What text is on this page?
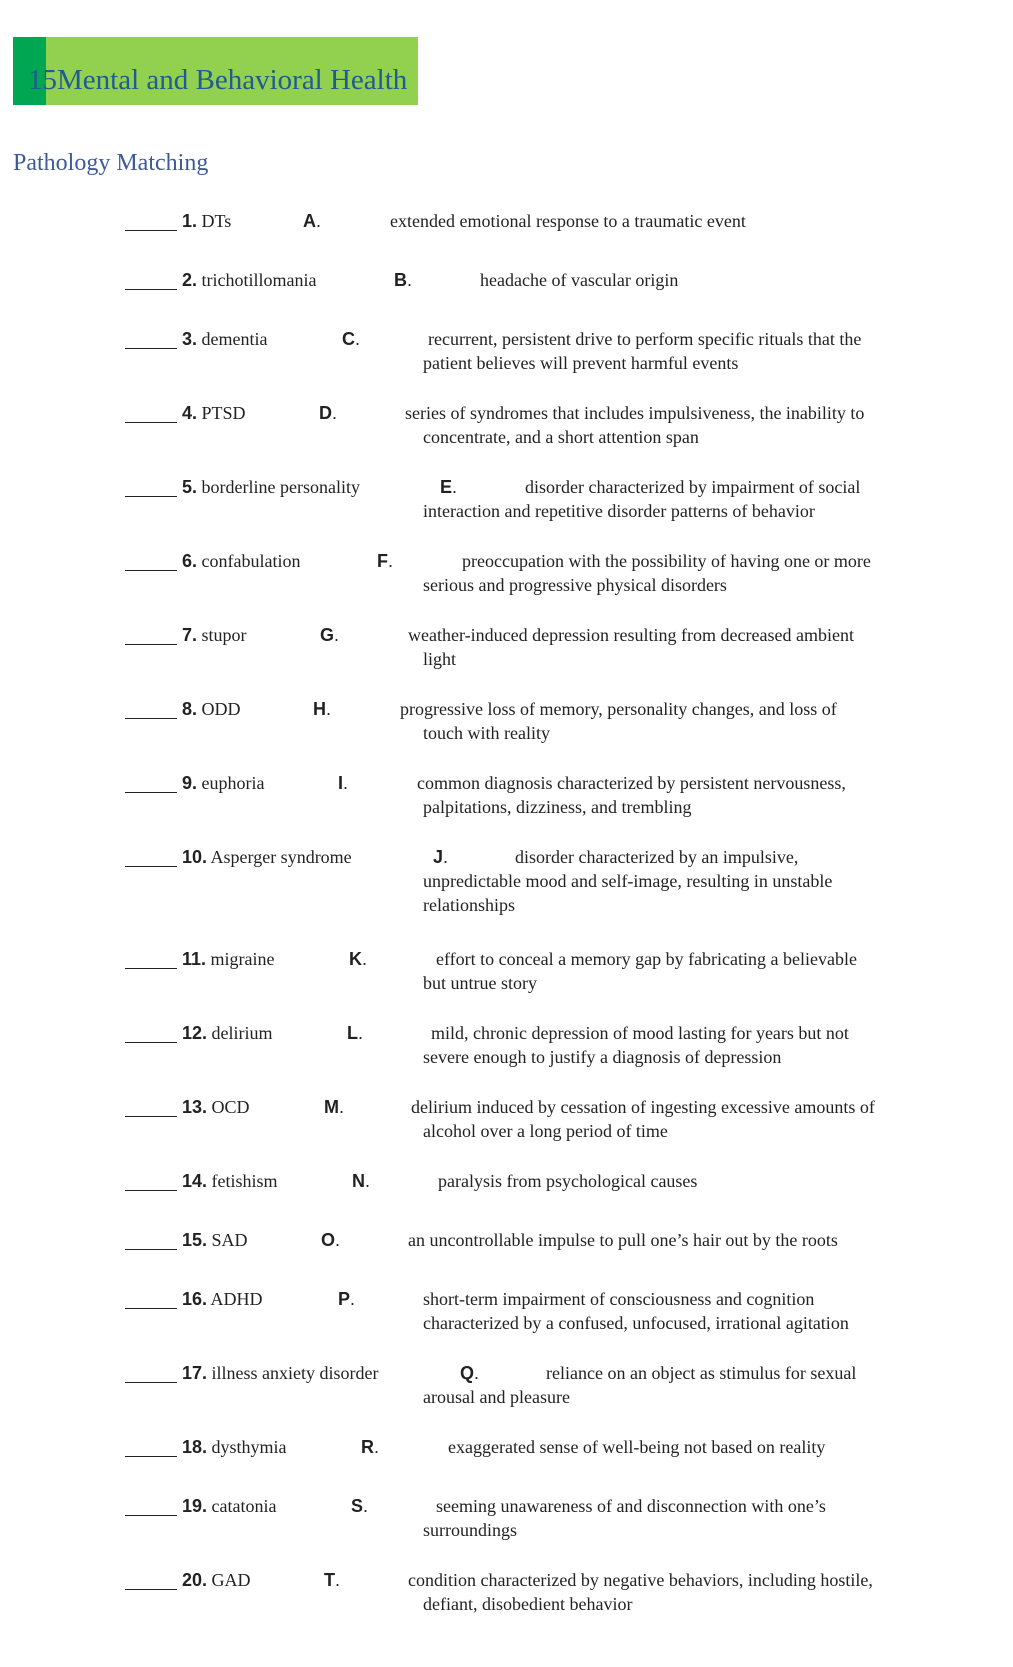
15Mental and Behavioral Health
Pathology Matching
1. DTs	A.	extended emotional response to a traumatic event
2. trichotillomania	B.	headache of vascular origin
3. dementia	C.	recurrent, persistent drive to perform specific rituals that the
patient believes will prevent harmful events
4. PTSD	D.	series of syndromes that includes impulsiveness, the inability to
concentrate, and a short attention span
5. borderline personality	E.	disorder characterized by impairment of social
interaction and repetitive disorder patterns of behavior
6. confabulation	F.	preoccupation with the possibility of having one or more
serious and progressive physical disorders
7. stupor	G.	weather-induced depression resulting from decreased ambient
light
8. ODD	H.	progressive loss of memory, personality changes, and loss of
touch with reality
9. euphoria	I.	common diagnosis characterized by persistent nervousness,
palpitations, dizziness, and trembling
10. Asperger syndrome	J.	disorder characterized by an impulsive,
unpredictable mood and self-image, resulting in unstable
relationships
11. migraine	K.	effort to conceal a memory gap by fabricating a believable
but untrue story
12. delirium	L.	mild, chronic depression of mood lasting for years but not
severe enough to justify a diagnosis of depression
13. OCD	M.	delirium induced by cessation of ingesting excessive amounts of
alcohol over a long period of time
14. fetishism	N.	paralysis from psychological causes
15. SAD	O.	an uncontrollable impulse to pull one’s hair out by the roots
16. ADHD	P.	short-term impairment of consciousness and cognition
characterized by a confused, unfocused, irrational agitation
17. illness anxiety disorder	Q.	reliance on an object as stimulus for sexual
arousal and pleasure
18. dysthymia	R.	exaggerated sense of well-being not based on reality
19. catatonia	S.	seeming unawareness of and disconnection with one’s
surroundings
20. GAD	T.	condition characterized by negative behaviors, including hostile,
defiant, disobedient behavior
